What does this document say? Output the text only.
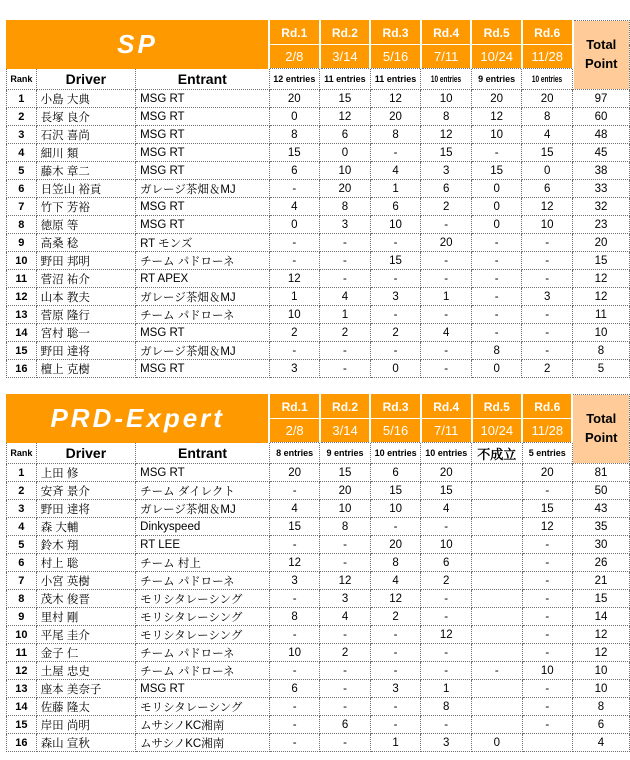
SP			Rd.1	Rd.2	Rd.3	Rd.4	Rd.5	Rd.6	Total Point
			2/8	3/14	5/16	7/11	10/24	11/28	
Rank	Driver	Entrant	12 entries	11 entries	11 entries	10 entries	9 entries	10 entries	
1	小島 大典	MSG RT	20	15	12	10	20	20	97
2	長塚 良介	MSG RT	0	12	20	8	12	8	60
3	石沢 喜尚	MSG RT	8	6	8	12	10	4	48
4	細川 類	MSG RT	15	0	-	15	-	15	45
5	藤木 章二	MSG RT	6	10	4	3	15	0	38
6	日笠山 裕貢	ガレージ茶畑＆MJ	-	20	1	6	0	6	33
7	竹下 芳裕	MSG RT	4	8	6	2	0	12	32
8	徳原 等	MSG RT	0	3	10	-	0	10	23
9	高桑 稔	RT モンズ	-	-	-	20	-	-	20
10	野田 邦明	チーム パドローネ	-	-	15	-	-	-	15
11	菅沼 祐介	RT APEX	12	-	-	-	-	-	12
12	山本 教夫	ガレージ茶畑＆MJ	1	4	3	1	-	3	12
13	菅原 隆行	チーム パドローネ	10	1	-	-	-	-	11
14	宮村 聡一	MSG RT	2	2	2	4	-	-	10
15	野田 達将	ガレージ茶畑＆MJ	-	-	-	-	8	-	8
16	檀上 克樹	MSG RT	3	-	0	-	0	2	5
PRD-Expert			Rd.1	Rd.2	Rd.3	Rd.4	Rd.5	Rd.6	Total Point
			2/8	3/14	5/16	7/11	10/24	11/28	
Rank	Driver	Entrant	8 entries	9 entries	10 entries	10 entries	不成立	5 entries	
1	上田 修	MSG RT	20	15	6	20		20	81
2	安斉 景介	チーム ダイレクト	-	20	15	15		-	50
3	野田 達将	ガレージ茶畑＆MJ	4	10	10	4		15	43
4	森 大輔	Dinkyspeed	15	8	-	-		12	35
5	鈴木 翔	RT LEE	-	-	20	10		-	30
6	村上 聡	チーム 村上	12	-	8	6		-	26
7	小宮 英樹	チーム パドローネ	3	12	4	2		-	21
8	茂木 俊晋	モリシタレーシング	-	3	12	-		-	15
9	里村 剛	モリシタレーシング	8	4	2	-		-	14
10	平尾 圭介	モリシタレーシング	-	-	-	12		-	12
11	金子 仁	チーム パドローネ	10	2	-	-		-	12
12	土屋 忠史	チーム パドローネ	-	-	-	-	-	10	10
13	座本 美奈子	MSG RT	6	-	3	1		-	10
14	佐藤 隆太	モリシタレーシング	-	-	-	8		-	8
15	岸田 尚明	ムサシノKC湘南	-	6	-	-		-	6
16	森山 宣秋	ムサシノKC湘南	-	-	1	3	0		4
